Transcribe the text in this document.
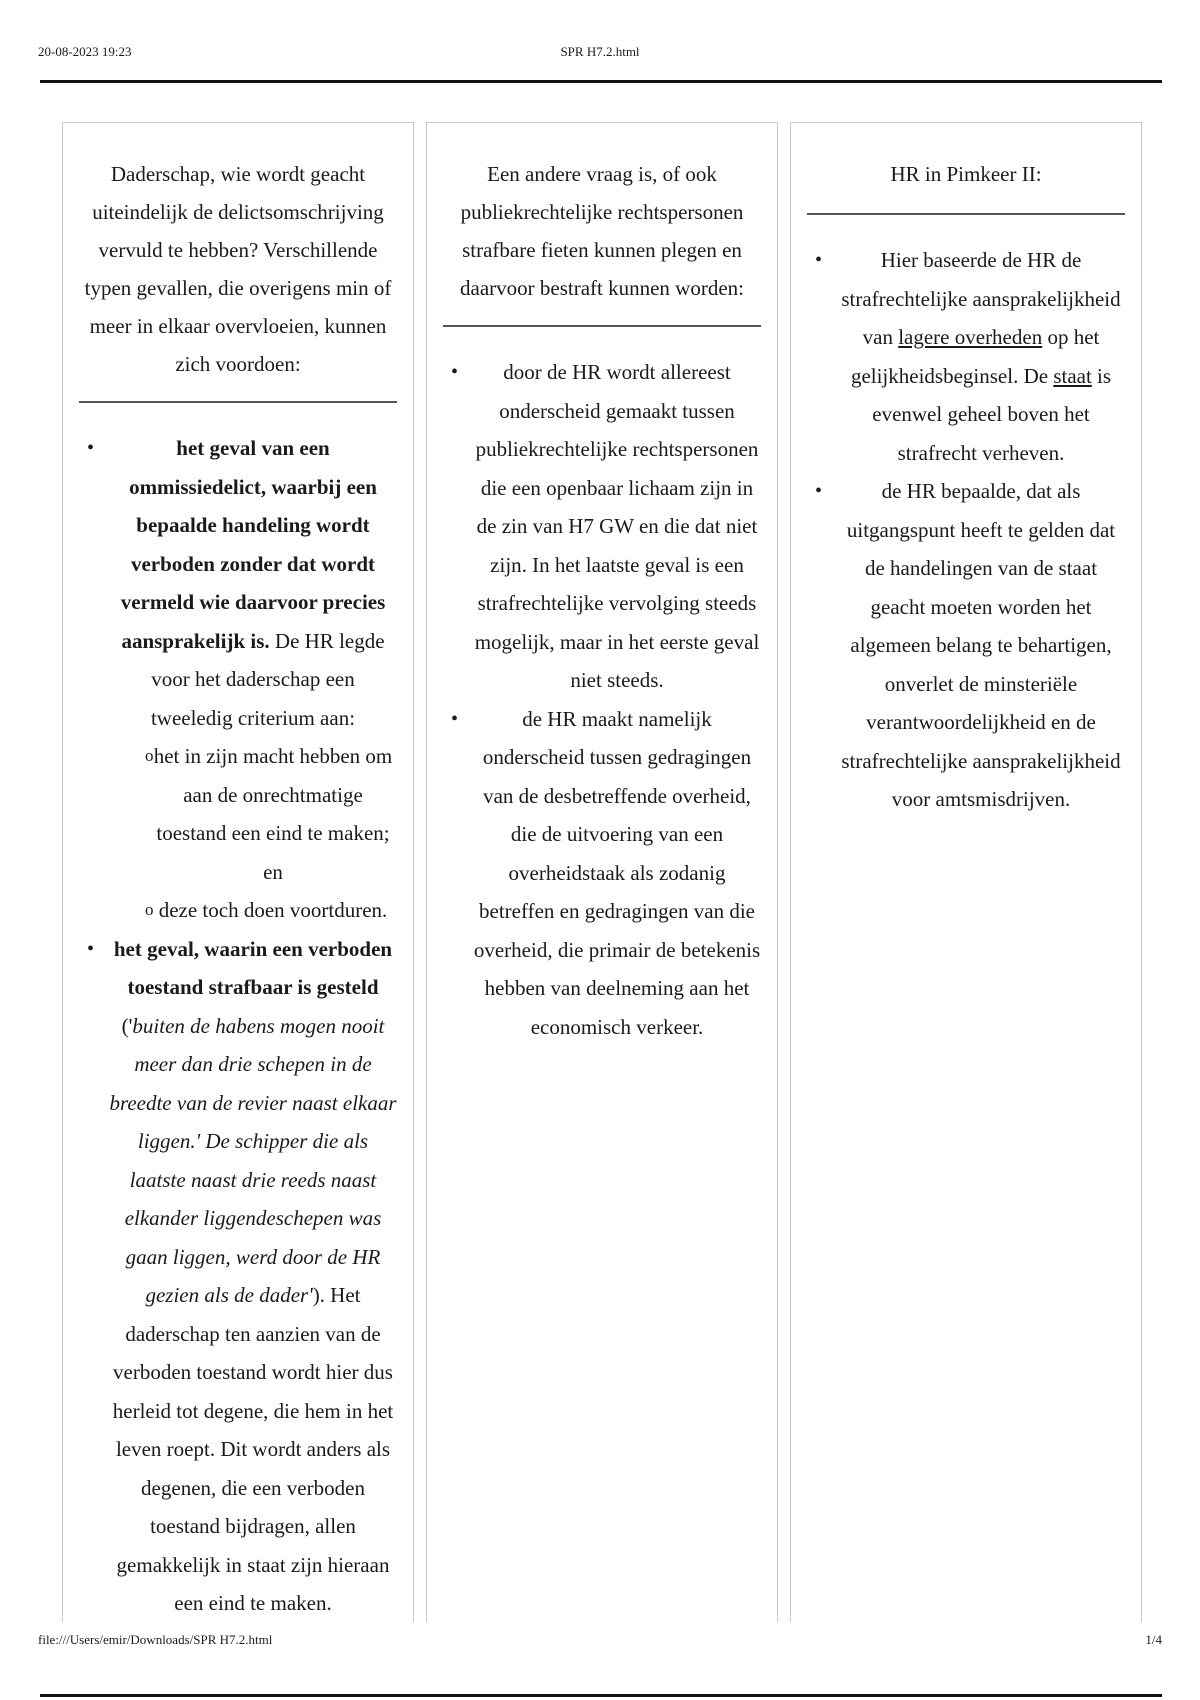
20-08-2023 19:23	SPR H7.2.html
Daderschap, wie wordt geacht uiteindelijk de delictsomschrijving vervuld te hebben? Verschillende typen gevallen, die overigens min of meer in elkaar overvloeien, kunnen zich voordoen:
• het geval van een ommissiedelict, waarbij een bepaalde handeling wordt verboden zonder dat wordt vermeld wie daarvoor precies aansprakelijk is. De HR legde voor het daderschap een tweeledig criterium aan:
o het in zijn macht hebben om aan de onrechtmatige toestand een eind te maken; en
o deze toch doen voortduren.
• het geval, waarin een verboden toestand strafbaar is gesteld ('buiten de habens mogen nooit meer dan drie schepen in de breedte van de revier naast elkaar liggen.' De schipper die als laatste naast drie reeds naast elkander liggendeschepen was gaan liggen, werd door de HR gezien als de dader'). Het daderschap ten aanzien van de verboden toestand wordt hier dus herleid tot degene, die hem in het leven roept. Dit wordt anders als degenen, die een verboden toestand bijdragen, allen gemakkelijk in staat zijn hieraan een eind te maken.
Een andere vraag is, of ook publiekrechtelijke rechtspersonen strafbare fieten kunnen plegen en daarvoor bestraft kunnen worden:
• door de HR wordt allereest onderscheid gemaakt tussen publiekrechtelijke rechtspersonen die een openbaar lichaam zijn in de zin van H7 GW en die dat niet zijn. In het laatste geval is een strafrechtelijke vervolging steeds mogelijk, maar in het eerste geval niet steeds.
• de HR maakt namelijk onderscheid tussen gedragingen van de desbetreffende overheid, die de uitvoering van een overheidstaak als zodanig betreffen en gedragingen van die overheid, die primair de betekenis hebben van deelneming aan het economisch verkeer.
HR in Pimkeer II:
• Hier baseerde de HR de strafrechtelijke aansprakelijkheid van lagere overheden op het gelijkheidsbeginsel. De staat is evenwel geheel boven het strafrecht verheven.
• de HR bepaalde, dat als uitgangspunt heeft te gelden dat de handelingen van de staat geacht moeten worden het algemeen belang te behartigen, onverlet de minsteriële verantwoordelijkheid en de strafrechtelijke aansprakelijkheid voor amtsmisdrijven.
file:///Users/emir/Downloads/SPR H7.2.html	1/4
